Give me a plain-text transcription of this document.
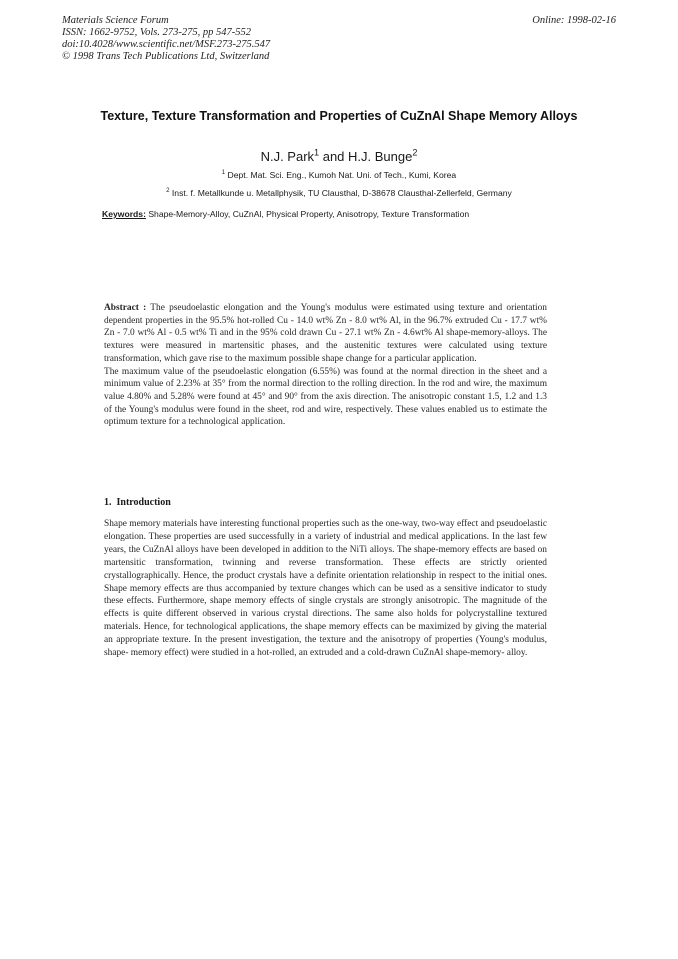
Materials Science Forum
ISSN: 1662-9752, Vols. 273-275, pp 547-552
doi:10.4028/www.scientific.net/MSF.273-275.547
© 1998 Trans Tech Publications Ltd, Switzerland
Online: 1998-02-16
Texture, Texture Transformation and Properties of CuZnAl Shape Memory Alloys
N.J. Park$^1$ and H.J. Bunge$^2$
$^1$ Dept. Mat. Sci. Eng., Kumoh Nat. Uni. of Tech., Kumi, Korea
$^2$ Inst. f. Metallkunde u. Metallphysik, TU Clausthal, D-38678 Clausthal-Zellerfeld, Germany
Keywords: Shape-Memory-Alloy, CuZnAl, Physical Property, Anisotropy, Texture Transformation

Abstract : The pseudoelastic elongation and the Young's modulus were estimated using texture and orientation dependent properties in the 95.5% hot-rolled Cu - 14.0 wt% Zn - 8.0 wt% Al, in the 96.7% extruded Cu - 17.7 wt% Zn - 7.0 wt% Al - 0.5 wt% Ti and in the 95% cold drawn Cu - 27.1 wt% Zn - 4.6wt% Al shape-memory-alloys. The textures were measured in martensitic phases, and the austenitic textures were calculated using texture transformation, which gave rise to the maximum possible shape change for a particular application.

The maximum value of the pseudoelastic elongation (6.55%) was found at the normal direction in the sheet and a minimum value of 2.23% at 35° from the normal direction to the rolling direction. In the rod and wire, the maximum value 4.80% and 5.28% were found at 45° and 90° from the axis direction. The anisotropic constant 1.5, 1.2 and 1.3 of the Young's modulus were found in the sheet, rod and wire, respectively. These values enabled us to estimate the optimum texture for a technological application.

1.  Introduction

Shape memory materials have interesting functional properties such as the one-way, two-way effect and pseudoelastic elongation. These properties are used successfully in a variety of industrial and medical applications. In the last few years, the CuZnAl alloys have been developed in addition to the NiTi alloys. The shape-memory effects are based on martensitic transformation, twinning and reverse transformation. These effects are strictly oriented crystallographically. Hence, the product crystals have a definite orientation relationship in respect to the initial ones. Shape memory effects are thus accompanied by texture changes which can be used as a sensitive indicator to study these effects. Furthermore, shape memory effects of single crystals are strongly anisotropic. The magnitude of the effects is quite different observed in various crystal directions. The same also holds for polycrystalline textured materials. Hence, for technological applications, the shape memory effects can be maximized by giving the material an appropriate texture. In the present investigation, the texture and the anisotropy of properties (Young's modulus, shape- memory effect) were studied in a hot-rolled, an extruded and a cold-drawn CuZnAl shape-memory- alloy.
